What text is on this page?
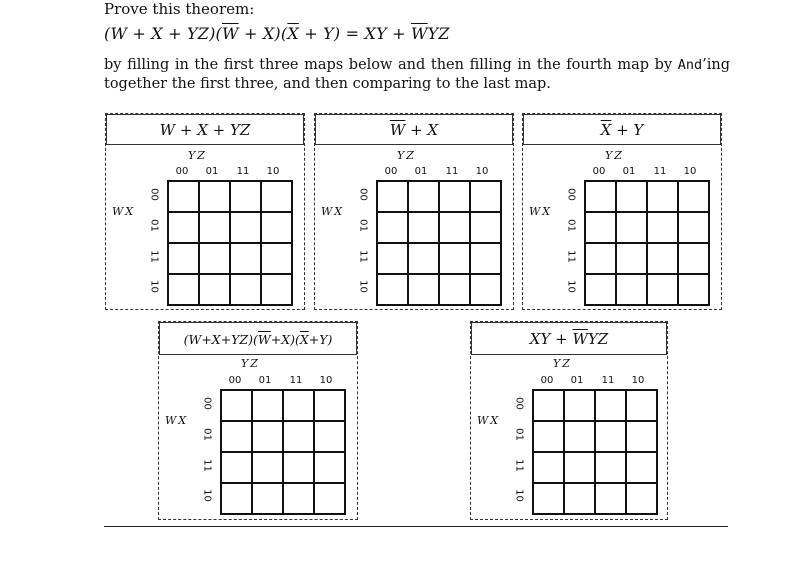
Prove this theorem:
$(W + X + YZ)(\overline{W} + X)(\overline{X} + Y)$ = XY + $\overline{W}YZ$
by filling in the first three maps below and then filling in the fourth map by And’ing together the first three, and then comparing to the last map.
W + X + YZ
YZ
00	01	11	10
WX
00
01
11
10

$\overline{W} + X$
YZ
00	01	11	10
WX
00
01
11
10

$\overline{X} + Y$
YZ
00	01	11	10
WX
00
01
11
10

$(W+X+YZ)(\overline{W}+X)(\overline{X}+Y)$
YZ
00	01	11	10
WX
00
01
11
10

XY + $\overline{W}YZ$
YZ
00	01	11	10
WX
00
01
11
10
